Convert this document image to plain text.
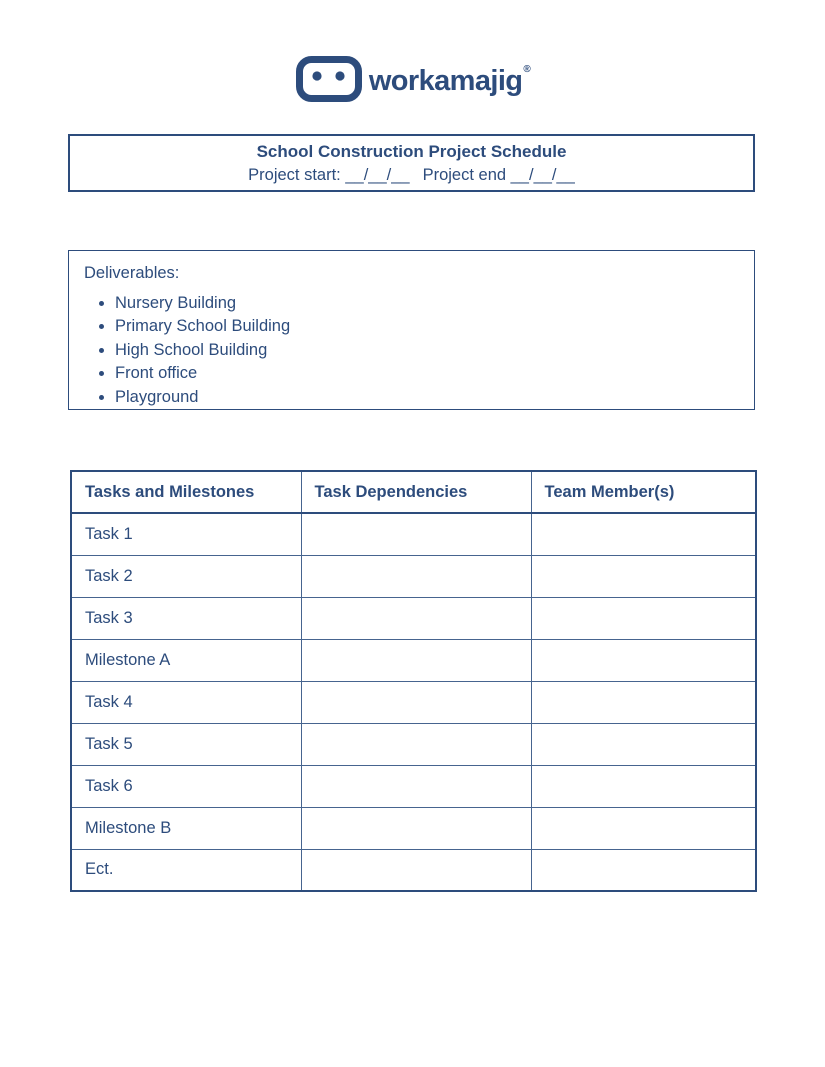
workamajig®
School Construction Project Schedule
Project start: __/__/__ Project end __/__/__
Deliverables:
• Nursery Building
• Primary School Building
• High School Building
• Front office
• Playground
Tasks and Milestones	Task Dependencies	Team Member(s)
Task 1		
Task 2		
Task 3		
Milestone A		
Task 4		
Task 5		
Task 6		
Milestone B		
Ect.		
